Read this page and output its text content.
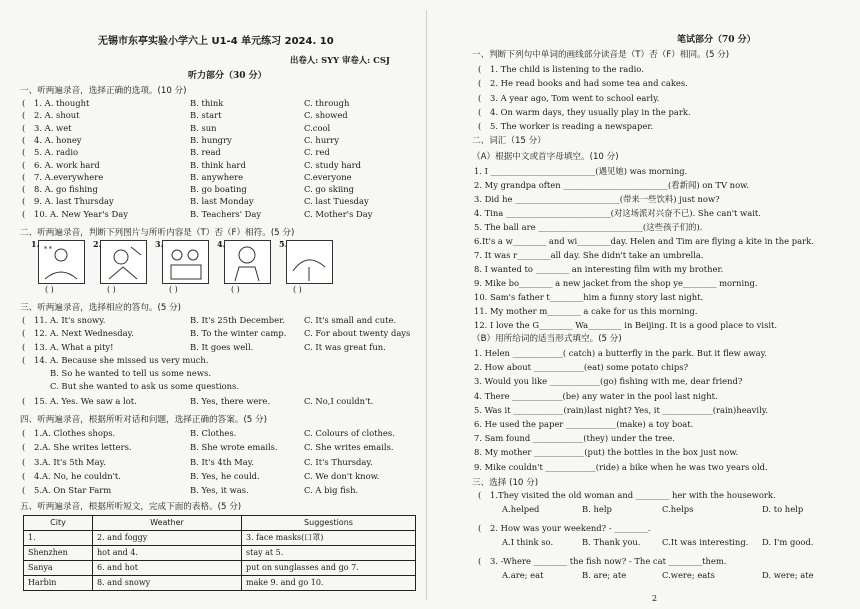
无锡市东亭实验小学六上 U1-4 单元练习 2024. 10
出卷人: SYY 审卷人: CSJ
听力部分（30 分）
一、听两遍录音，选择正确的选项。(10 分)
( 1. A. thought	B. think	C. through
( 2. A. shout	B. start	C. showed
( 3. A. wet	B. sun	C.cool
( 4. A. honey	B. hungry	C. hurry
( 5. A. radio	B. read	C. red
( 6. A. work hard	B. think hard	C. study hard
( 7. A.everywhere	B. anywhere	C.everyone
( 8. A. go fishing	B. go boating	C. go skiing
( 9. A. last Thursday	B. last Monday	C. last Tuesday
( 10. A. New Year's Day	B. Teachers' Day	C. Mother's Day
二、听两遍录音，判断下列图片与所听内容是（T）否（F）相符。(5 分)
1.
* *
( )
2.
( )
3.
( )
4.
( )
5.
( )
三、听两遍录音，选择相应的答句。(5 分)
( 11. A. It's snowy.	B. It's 25th December. C. It's small and cute.
( 12. A. Next Wednesday.	B. To the winter camp. C. For about twenty days
( 13. A. What a pity!	B. It goes well.	C. It was great fun.
( 14. A. Because she missed us very much.
B. So he wanted to tell us some news.
C. But she wanted to ask us some questions.
( 15. A. Yes. We saw a lot.	B. Yes, there were.	C. No,I couldn't.
四、听两遍录音，根据所听对话和问题，选择正确的答案。(5 分)
( 1.A. Clothes shops.	B. Clothes.	C. Colours of clothes.
( 2.A. She writes letters.	B. She wrote emails.	C. She writes emails.
( 3.A. It's 5th May.	B. It's 4th May.	C. It's Thursday.
( 4.A. No, he couldn't.	B. Yes, he could.	C. We don't know.
( 5.A. On Star Farm	B. Yes, it was.	C. A big fish.
五、听两遍录音，根据所听短文，完成下面的表格。(5 分)
City	Weather	Suggestions
1.	2. and foggy	3. face masks(口罩)
Shenzhen	hot and 4.	stay at 5.
Sanya	6. and hot	put on sunglasses and go 7.
Harbin	8. and snowy	make 9. and go 10.
笔试部分（70 分）
一、判断下列句中单词的画线部分读音是（T）否（F）相同。(5 分)
( 1. The child is listening to the radio.
( 2. He read books and had some tea and cakes.
( 3. A year ago, Tom went to school early.
( 4. On warm days, they usually play in the park.
( 5. The worker is reading a newspaper.
二、词汇（15 分）
（A）根据中文或首字母填空。(10 分)
1. I _________________________(遇见她) was morning.
2. My grandpa often _________________________(看新闻) on TV now.
3. Did he _________________________(带来一些饮料) just now?
4. Tina _________________________(对这场派对兴奋不已). She can't wait.
5. The ball are _________________________(这些孩子们的).
6.It's a w________ and wi________day. Helen and Tim are flying a kite in the park.
7. It was r________all day. She didn't take an umbrella.
8. I wanted to ________ an interesting film with my brother.
9. Mike bo________ a new jacket from the shop ye________ morning.
10. Sam's father t________him a funny story last night.
11. My mother m________ a cake for us this morning.
12. I love the G________ Wa________ in Beijing. It is a good place to visit.
（B）用所给词的适当形式填空。(5 分)
1. Helen ____________( catch) a butterfly in the park. But it flew away.
2. How about ____________(eat) some potato chips?
3. Would you like ____________(go) fishing with me, dear friend?
4. There ____________(be) any water in the pool last night.
5. Was it ____________(rain)last night? Yes, it ____________(rain)heavily.
6. He used the paper ____________(make) a toy boat.
7. Sam found ____________(they) under the tree.
8. My mother ____________(put) the bottles in the box just now.
9. Mike couldn't ____________(ride) a bike when he was two years old.
三、选择 (10 分)
( 1.They visited the old woman and ________ her with the housework.
A.helped	B. help	C.helps	D. to help
( 2. How was your weekend? - ________.
A.I think so.	B. Thank you.	C.It was interesting. D. I'm good.
( 3. -Where ________ the fish now? - The cat ________them.
A.are; eat	B. are; ate	C.were; eats	D. were; ate
2
